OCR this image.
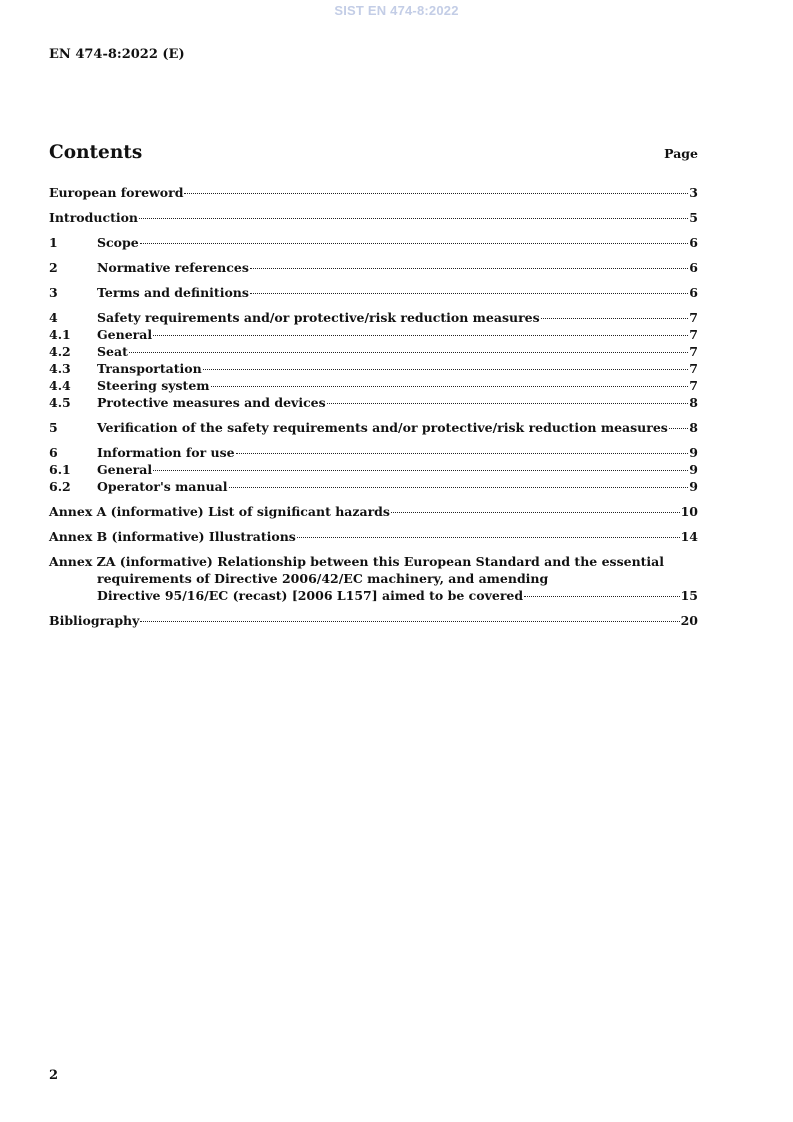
SIST EN 474-8:2022
EN 474-8:2022 (E)
Contents	Page
European foreword	3
Introduction	5
1	Scope	6
2	Normative references	6
3	Terms and definitions	6
4	Safety requirements and/or protective/risk reduction measures	7
4.1	General	7
4.2	Seat	7
4.3	Transportation	7
4.4	Steering system	7
4.5	Protective measures and devices	8
5	Verification of the safety requirements and/or protective/risk reduction measures 8
6	Information for use	9
6.1	General	9
6.2	Operator's manual	9
Annex A (informative) List of significant hazards	10
Annex B (informative) Illustrations	14
Annex ZA (informative) Relationship between this European Standard and the essential
requirements of Directive 2006/42/EC machinery, and amending
Directive 95/16/EC (recast) [2006 L157] aimed to be covered	15
Bibliography	20
2
